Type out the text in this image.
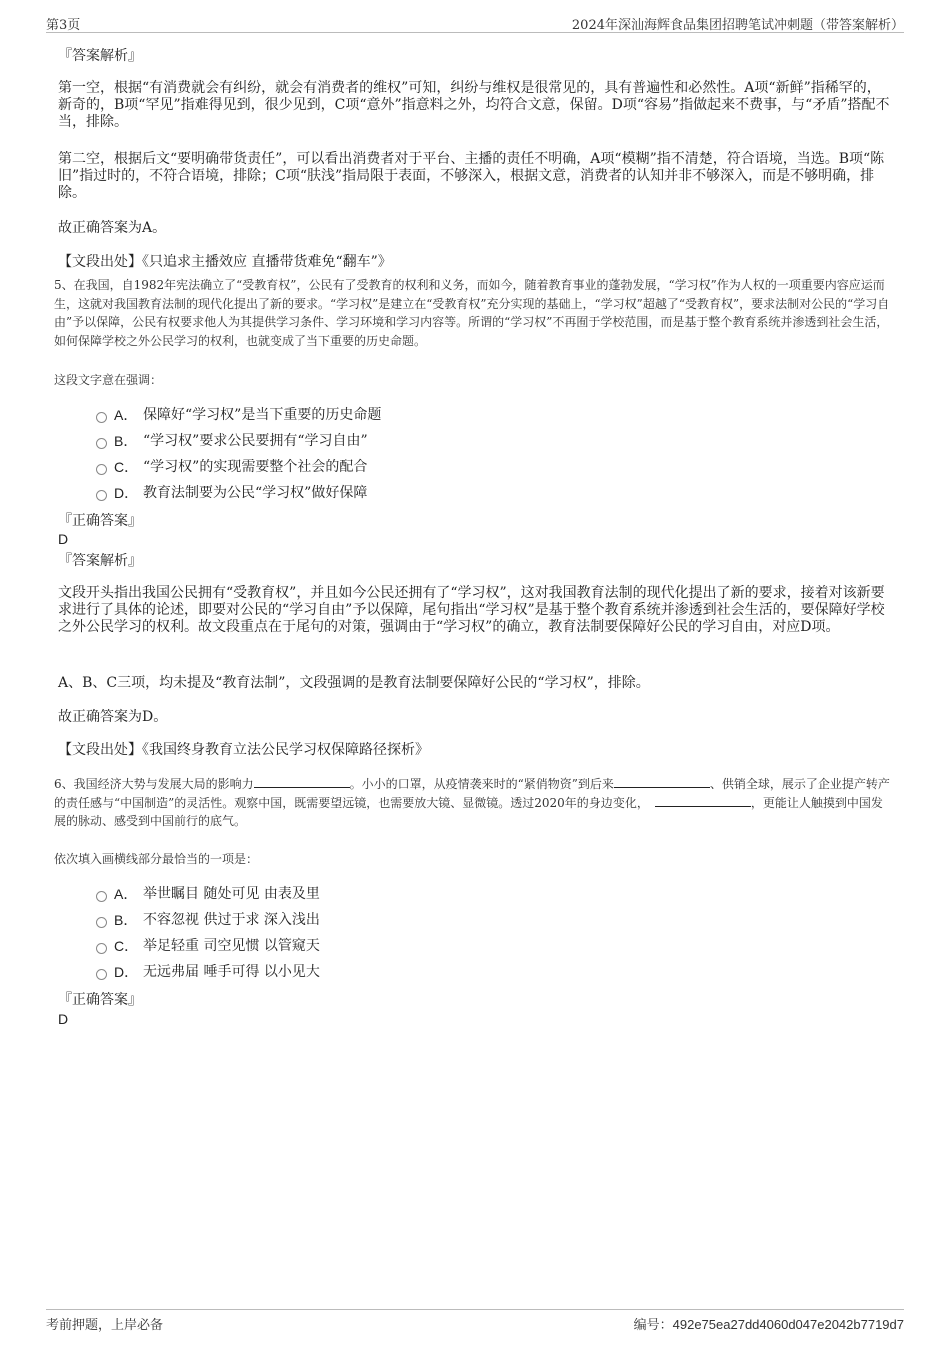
第3页	2024年深汕海辉食品集团招聘笔试冲刺题（带答案解析）
『答案解析』
第一空，根据“有消费就会有纠纷，就会有消费者的维权”可知，纠纷与维权是很常见的，具有普遍性和必然性。A项“新鲜”指稀罕的，新奇的，B项“罕见”指难得见到，很少见到，C项“意外”指意料之外，均符合文意，保留。D项“容易”指做起来不费事，与“矛盾”搭配不当，排除。
第二空，根据后文“要明确带货责任”，可以看出消费者对于平台、主播的责任不明确，A项“模糊”指不清楚，符合语境，当选。B项“陈旧”指过时的，不符合语境，排除；C项“肤浅”指局限于表面，不够深入，根据文意，消费者的认知并非不够深入，而是不够明确，排除。
故正确答案为A。
【文段出处】《只追求主播效应 直播带货难免“翻车”》
5、在我国，自1982年宪法确立了“受教育权”，公民有了受教育的权利和义务，而如今，随着教育事业的蓬勃发展，“学习权”作为人权的一项重要内容应运而生，这就对我国教育法制的现代化提出了新的要求。“学习权”是建立在“受教育权”充分实现的基础上，“学习权”超越了“受教育权”，要求法制对公民的“学习自由”予以保障，公民有权要求他人为其提供学习条件、学习环境和学习内容等。所谓的“学习权”不再囿于学校范围，而是基于整个教育系统并渗透到社会生活，如何保障学校之外公民学习的权利，也就变成了当下重要的历史命题。
这段文字意在强调：
A． 保障好“学习权”是当下重要的历史命题
B． “学习权”要求公民要拥有“学习自由”
C． “学习权”的实现需要整个社会的配合
D． 教育法制要为公民“学习权”做好保障
『正确答案』
D
『答案解析』
文段开头指出我国公民拥有“受教育权”，并且如今公民还拥有了“学习权”，这对我国教育法制的现代化提出了新的要求，接着对该新要求进行了具体的论述，即要对公民的“学习自由”予以保障，尾句指出“学习权”是基于整个教育系统并渗透到社会生活的，要保障好学校之外公民学习的权利。故文段重点在于尾句的对策，强调由于“学习权”的确立，教育法制要保障好公民的学习自由，对应D项。
A、B、C三项，均未提及“教育法制”，文段强调的是教育法制要保障好公民的“学习权”，排除。
故正确答案为D。
【文段出处】《我国终身教育立法公民学习权保障路径探析》
6、我国经济大势与发展大局的影响力	。小小的口罩，从疫情袭来时的“紧俏物资”到后来	、供销全球，展示了企业提产转产的责任感与“中国制造”的灵活性。观察中国，既需要望远镜，也需要放大镜、显微镜。透过2020年的身边变化，	，更能让人触摸到中国发展的脉动、感受到中国前行的底气。
依次填入画横线部分最恰当的一项是：
A． 举世瞩目 随处可见 由表及里
B． 不容忽视 供过于求 深入浅出
C． 举足轻重 司空见惯 以管窥天
D． 无远弗届 唾手可得 以小见大
『正确答案』
D
考前押题，上岸必备	编号：492e75ea27dd4060d047e2042b7719d7
